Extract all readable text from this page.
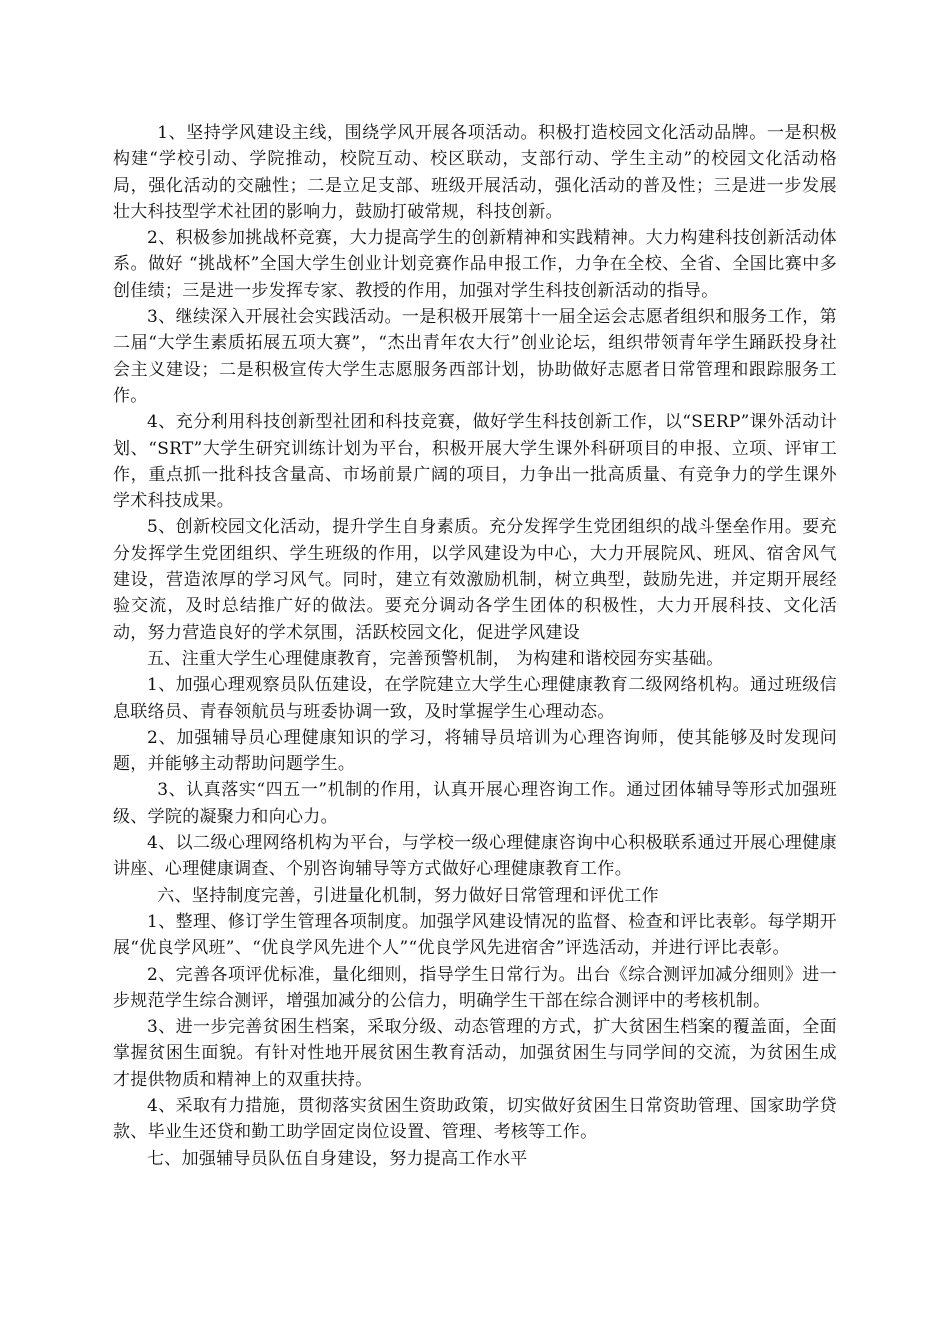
1、坚持学风建设主线，围绕学风开展各项活动。积极打造校园文化活动品牌。一是积极构建“学校引动、学院推动，校院互动、校区联动，支部行动、学生主动”的校园文化活动格局，强化活动的交融性；二是立足支部、班级开展活动，强化活动的普及性；三是进一步发展壮大科技型学术社团的影响力，鼓励打破常规，科技创新。

2、积极参加挑战杯竞赛，大力提高学生的创新精神和实践精神。大力构建科技创新活动体系。做好 “挑战杯”全国大学生创业计划竞赛作品申报工作，力争在全校、全省、全国比赛中多创佳绩；三是进一步发挥专家、教授的作用，加强对学生科技创新活动的指导。

3、继续深入开展社会实践活动。一是积极开展第十一届全运会志愿者组织和服务工作，第二届“大学生素质拓展五项大赛”，“杰出青年农大行”创业论坛，组织带领青年学生踊跃投身社会主义建设；二是积极宣传大学生志愿服务西部计划，协助做好志愿者日常管理和跟踪服务工作。

4、充分利用科技创新型社团和科技竞赛，做好学生科技创新工作，以“SERP”课外活动计划、“SRT”大学生研究训练计划为平台，积极开展大学生课外科研项目的申报、立项、评审工作，重点抓一批科技含量高、市场前景广阔的项目，力争出一批高质量、有竞争力的学生课外学术科技成果。

5、创新校园文化活动，提升学生自身素质。充分发挥学生党团组织的战斗堡垒作用。要充分发挥学生党团组织、学生班级的作用，以学风建设为中心，大力开展院风、班风、宿舍风气建设，营造浓厚的学习风气。同时，建立有效激励机制，树立典型，鼓励先进，并定期开展经验交流，及时总结推广好的做法。要充分调动各学生团体的积极性，大力开展科技、文化活动，努力营造良好的学术氛围，活跃校园文化，促进学风建设

五、注重大学生心理健康教育，完善预警机制， 为构建和谐校园夯实基础。

1、加强心理观察员队伍建设，在学院建立大学生心理健康教育二级网络机构。通过班级信息联络员、青春领航员与班委协调一致，及时掌握学生心理动态。

2、加强辅导员心理健康知识的学习，将辅导员培训为心理咨询师，使其能够及时发现问题，并能够主动帮助问题学生。

3、认真落实“四五一”机制的作用，认真开展心理咨询工作。通过团体辅导等形式加强班级、学院的凝聚力和向心力。

4、以二级心理网络机构为平台，与学校一级心理健康咨询中心积极联系通过开展心理健康讲座、心理健康调查、个别咨询辅导等方式做好心理健康教育工作。

六、坚持制度完善，引进量化机制，努力做好日常管理和评优工作

1、整理、修订学生管理各项制度。加强学风建设情况的监督、检查和评比表彰。每学期开展“优良学风班”、“优良学风先进个人”“优良学风先进宿舍”评选活动，并进行评比表彰。

2、完善各项评优标准，量化细则，指导学生日常行为。出台《综合测评加减分细则》进一步规范学生综合测评，增强加减分的公信力，明确学生干部在综合测评中的考核机制。

3、进一步完善贫困生档案，采取分级、动态管理的方式，扩大贫困生档案的覆盖面，全面掌握贫困生面貌。有针对性地开展贫困生教育活动，加强贫困生与同学间的交流，为贫困生成才提供物质和精神上的双重扶持。

4、采取有力措施，贯彻落实贫困生资助政策，切实做好贫困生日常资助管理、国家助学贷款、毕业生还贷和勤工助学固定岗位设置、管理、考核等工作。

七、加强辅导员队伍自身建设，努力提高工作水平
